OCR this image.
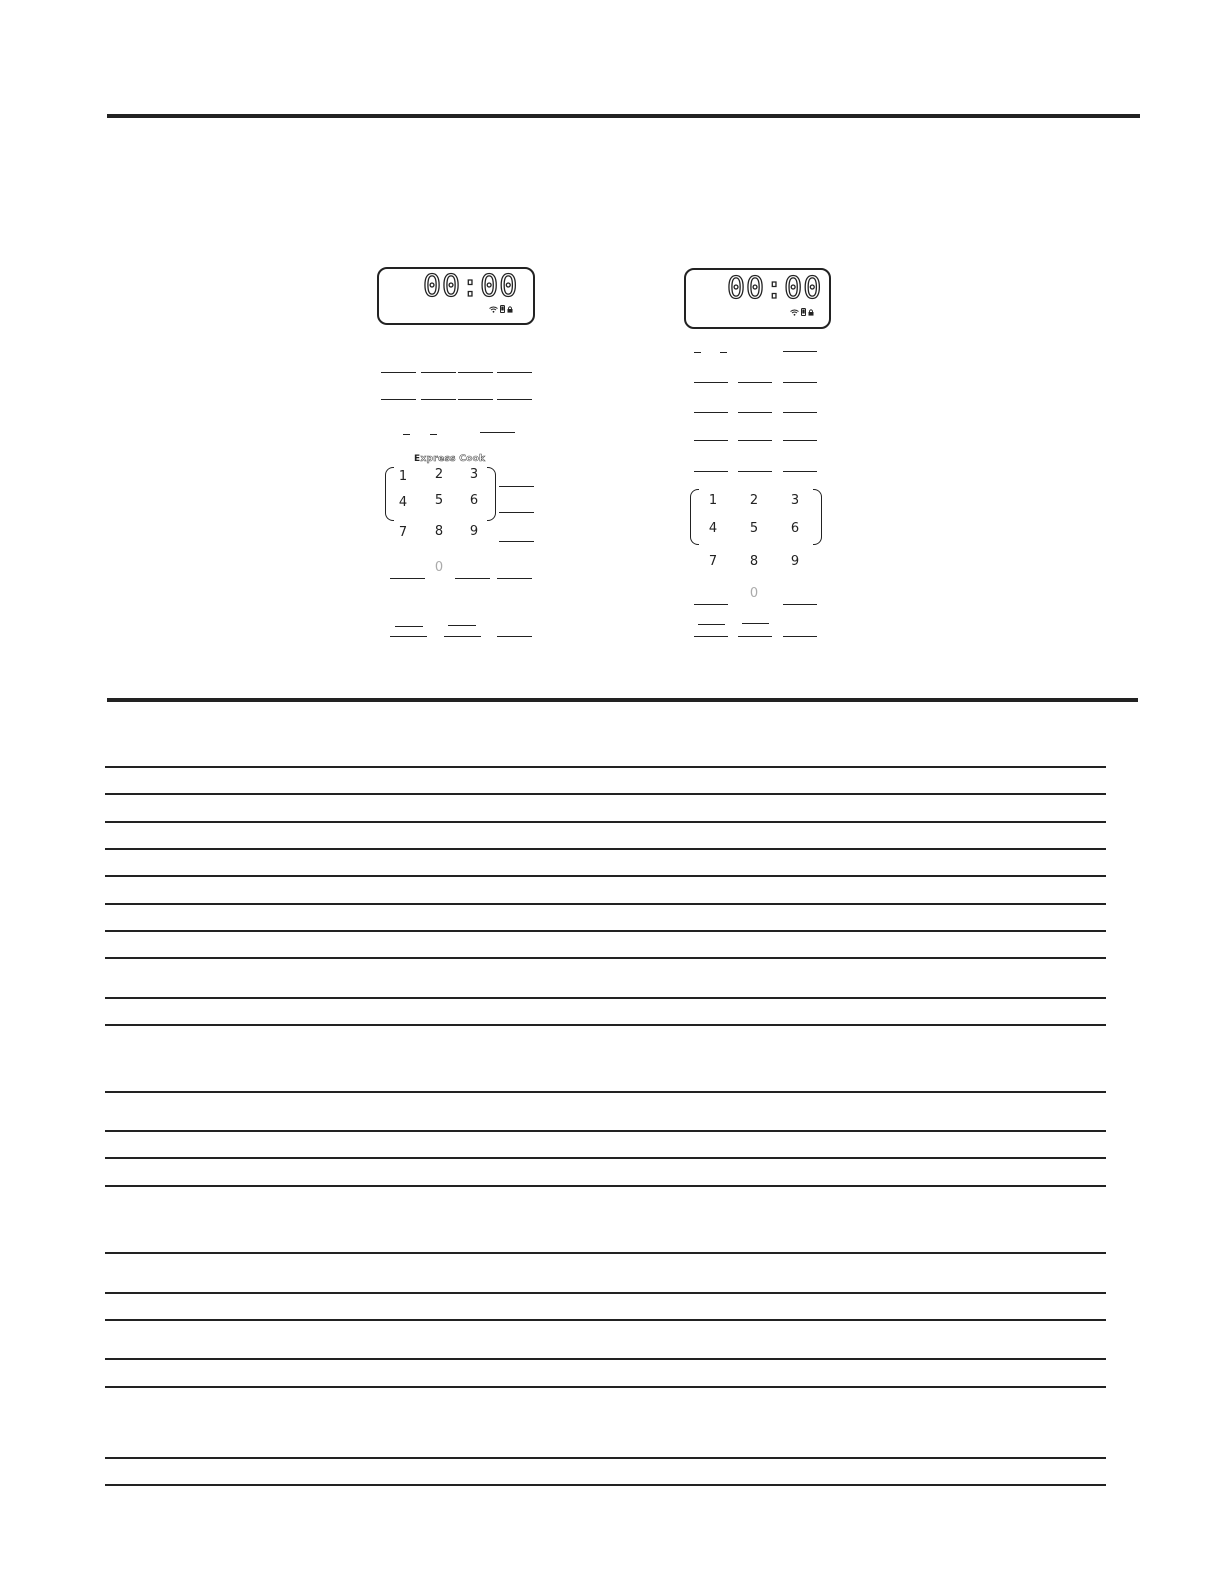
00:00
Express Cook
1	2	3
4	5	6
7	8	9
0
00:00
1	2	3
4	5	6
7	8	9
0
